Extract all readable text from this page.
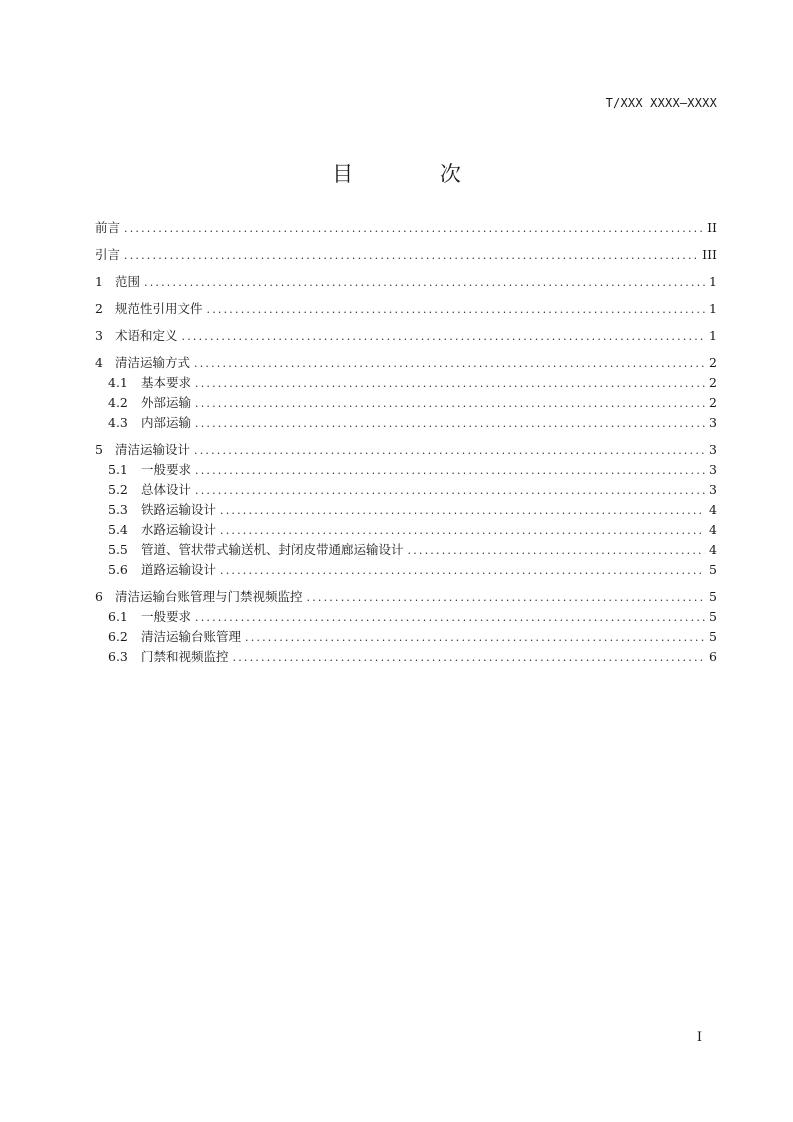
T/XXX XXXX—XXXX
目 次
前言 .....	II
引言 .....	III
1 范围 .....	1
2 规范性引用文件 .....	1
3 术语和定义 .....	1
4 清洁运输方式 .....	2
4.1	基本要求 .....	2
4.2	外部运输 .....	2
4.3	内部运输 .....	3
5 清洁运输设计 .....	3
5.1	一般要求 .....	3
5.2	总体设计 .....	3
5.3	铁路运输设计 .....	4
5.4	水路运输设计 .....	4
5.5	管道、管状带式输送机、封闭皮带通廊运输设计 .....	4
5.6	道路运输设计 .....	5
6 清洁运输台账管理与门禁视频监控 .....	5
6.1	一般要求 .....	5
6.2	清洁运输台账管理 .....	5
6.3	门禁和视频监控 .....	6
I
